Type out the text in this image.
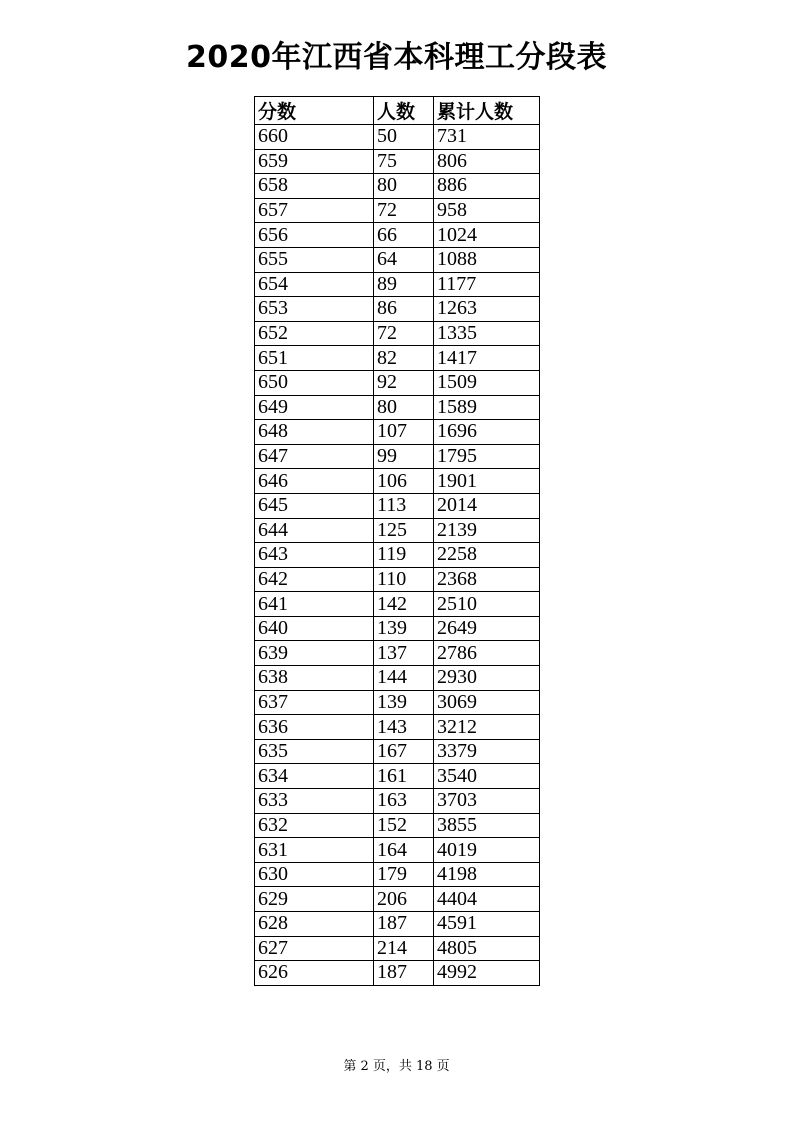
2020年江西省本科理工分段表
分数	人数	累计人数
660	50	731
659	75	806
658	80	886
657	72	958
656	66	1024
655	64	1088
654	89	1177
653	86	1263
652	72	1335
651	82	1417
650	92	1509
649	80	1589
648	107	1696
647	99	1795
646	106	1901
645	113	2014
644	125	2139
643	119	2258
642	110	2368
641	142	2510
640	139	2649
639	137	2786
638	144	2930
637	139	3069
636	143	3212
635	167	3379
634	161	3540
633	163	3703
632	152	3855
631	164	4019
630	179	4198
629	206	4404
628	187	4591
627	214	4805
626	187	4992
第 2 页，共 18 页
